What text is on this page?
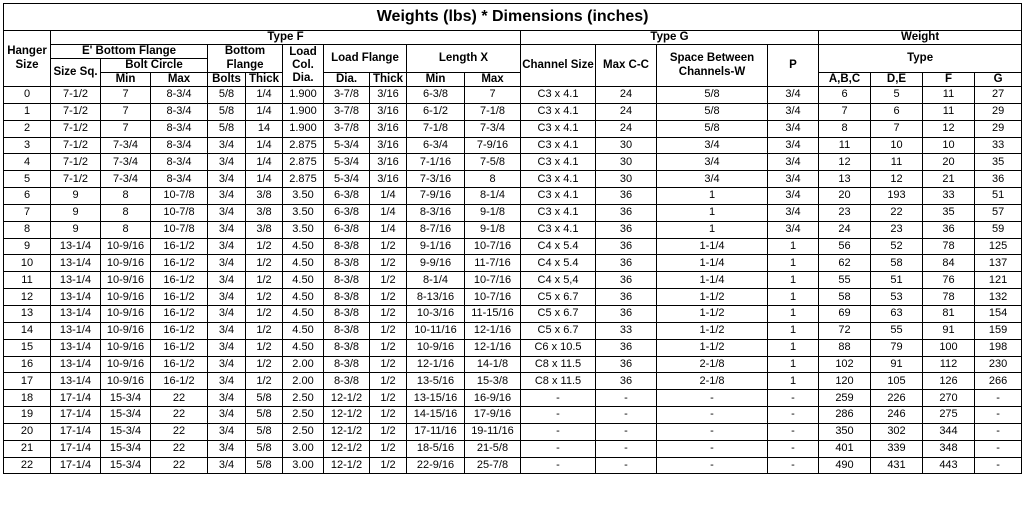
Weights (lbs) * Dimensions (inches)																		
Hanger Size	Type F										Type G				Weight			
	E' Bottom Flange			Bottom Flange		Load Col. Dia.	Load Flange		Length X		Channel Size	Max C-C	Space Between Channels-W	P	Type			
	Size Sq.	Bolt Circle																
		Min	Max	Bolts	Thick		Dia.	Thick	Min	Max					A,B,C	D,E	F	G
0	7-1/2	7	8-3/4	5/8	1/4	1.900	3-7/8	3/16	6-3/8	7	C3 x 4.1	24	5/8	3/4	6	5	11	27
1	7-1/2	7	8-3/4	5/8	1/4	1.900	3-7/8	3/16	6-1/2	7-1/8	C3 x 4.1	24	5/8	3/4	7	6	11	29
2	7-1/2	7	8-3/4	5/8	14	1.900	3-7/8	3/16	7-1/8	7-3/4	C3 x 4.1	24	5/8	3/4	8	7	12	29
3	7-1/2	7-3/4	8-3/4	3/4	1/4	2.875	5-3/4	3/16	6-3/4	7-9/16	C3 x 4.1	30	3/4	3/4	11	10	10	33
4	7-1/2	7-3/4	8-3/4	3/4	1/4	2.875	5-3/4	3/16	7-1/16	7-5/8	C3 x 4.1	30	3/4	3/4	12	11	20	35
5	7-1/2	7-3/4	8-3/4	3/4	1/4	2.875	5-3/4	3/16	7-3/16	8	C3 x 4.1	30	3/4	3/4	13	12	21	36
6	9	8	10-7/8	3/4	3/8	3.50	6-3/8	1/4	7-9/16	8-1/4	C3 x 4.1	36	1	3/4	20	193	33	51
7	9	8	10-7/8	3/4	3/8	3.50	6-3/8	1/4	8-3/16	9-1/8	C3 x 4.1	36	1	3/4	23	22	35	57
8	9	8	10-7/8	3/4	3/8	3.50	6-3/8	1/4	8-7/16	9-1/8	C3 x 4.1	36	1	3/4	24	23	36	59
9	13-1/4	10-9/16	16-1/2	3/4	1/2	4.50	8-3/8	1/2	9-1/16	10-7/16	C4 x 5.4	36	1-1/4	1	56	52	78	125
10	13-1/4	10-9/16	16-1/2	3/4	1/2	4.50	8-3/8	1/2	9-9/16	11-7/16	C4 x 5.4	36	1-1/4	1	62	58	84	137
11	13-1/4	10-9/16	16-1/2	3/4	1/2	4.50	8-3/8	1/2	8-1/4	10-7/16	C4 x 5,4	36	1-1/4	1	55	51	76	121
12	13-1/4	10-9/16	16-1/2	3/4	1/2	4.50	8-3/8	1/2	8-13/16	10-7/16	C5 x 6.7	36	1-1/2	1	58	53	78	132
13	13-1/4	10-9/16	16-1/2	3/4	1/2	4.50	8-3/8	1/2	10-3/16	11-15/16	C5 x 6.7	36	1-1/2	1	69	63	81	154
14	13-1/4	10-9/16	16-1/2	3/4	1/2	4.50	8-3/8	1/2	10-11/16	12-1/16	C5 x 6.7	33	1-1/2	1	72	55	91	159
15	13-1/4	10-9/16	16-1/2	3/4	1/2	4.50	8-3/8	1/2	10-9/16	12-1/16	C6 x 10.5	36	1-1/2	1	88	79	100	198
16	13-1/4	10-9/16	16-1/2	3/4	1/2	2.00	8-3/8	1/2	12-1/16	14-1/8	C8 x 11.5	36	2-1/8	1	102	91	112	230
17	13-1/4	10-9/16	16-1/2	3/4	1/2	2.00	8-3/8	1/2	13-5/16	15-3/8	C8 x 11.5	36	2-1/8	1	120	105	126	266
18	17-1/4	15-3/4	22	3/4	5/8	2.50	12-1/2	1/2	13-15/16	16-9/16	-	-	-	-	259	226	270	-
19	17-1/4	15-3/4	22	3/4	5/8	2.50	12-1/2	1/2	14-15/16	17-9/16	-	-	-	-	286	246	275	-
20	17-1/4	15-3/4	22	3/4	5/8	2.50	12-1/2	1/2	17-11/16	19-11/16	-	-	-	-	350	302	344	-
21	17-1/4	15-3/4	22	3/4	5/8	3.00	12-1/2	1/2	18-5/16	21-5/8	-	-	-	-	401	339	348	-
22	17-1/4	15-3/4	22	3/4	5/8	3.00	12-1/2	1/2	22-9/16	25-7/8	-	-	-	-	490	431	443	-
